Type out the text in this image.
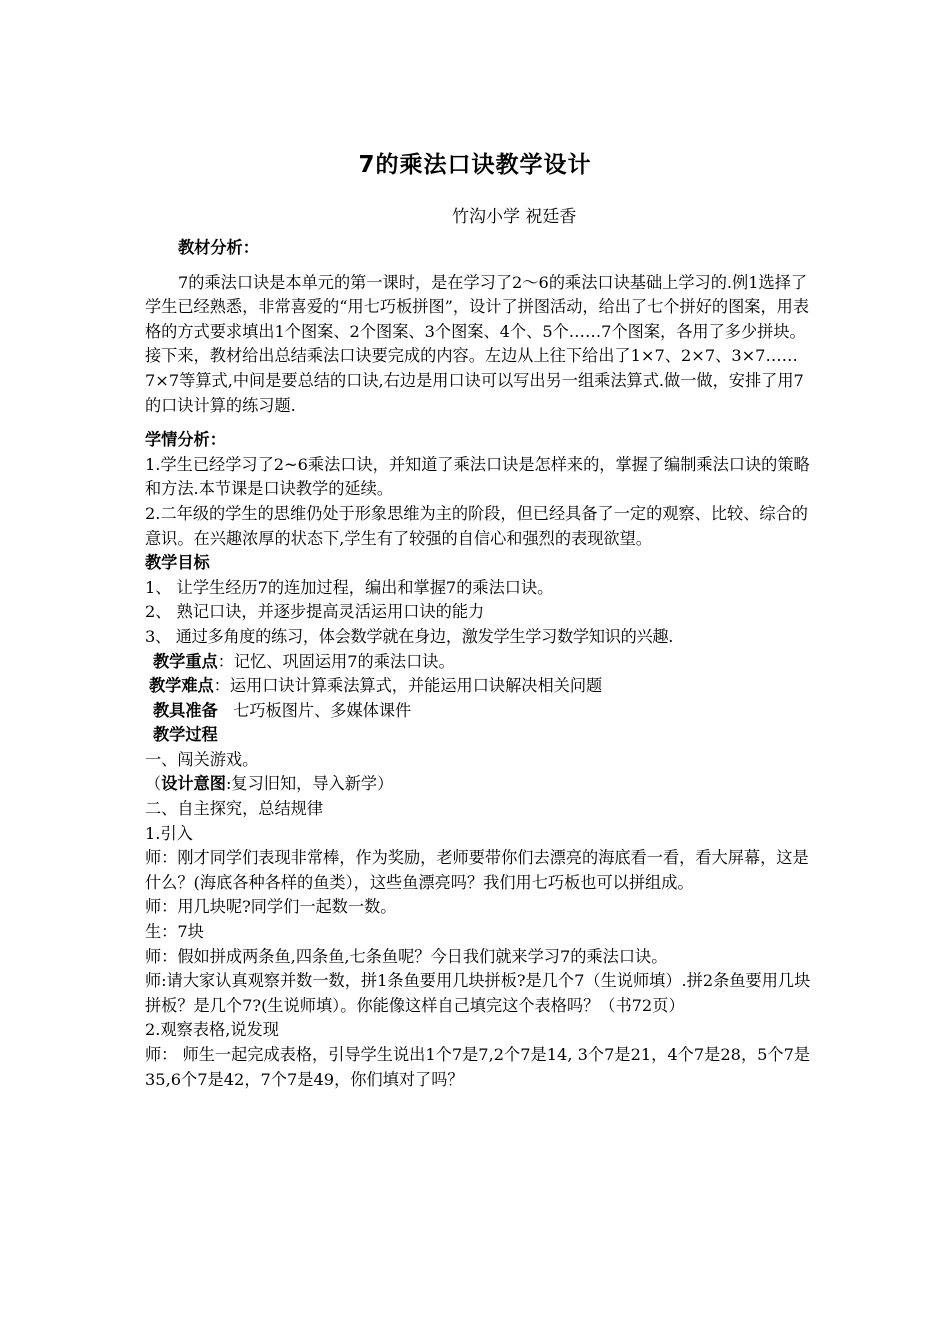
7的乘法口诀教学设计
竹沟小学 祝廷香

教材分析：

7的乘法口诀是本单元的第一课时，是在学习了2～6的乘法口诀基础上学习的.例1选择了学生已经熟悉，非常喜爱的“用七巧板拼图”，设计了拼图活动，给出了七个拼好的图案，用表格的方式要求填出1个图案、2个图案、3个图案、4个、5个……7个图案，各用了多少拼块。接下来，教材给出总结乘法口诀要完成的内容。左边从上往下给出了1×7、2×7、3×7……7×7等算式,中间是要总结的口诀,右边是用口诀可以写出另一组乘法算式.做一做，安排了用7的口诀计算的练习题.

学情分析：

1.学生已经学习了2~6乘法口诀，并知道了乘法口诀是怎样来的，掌握了编制乘法口诀的策略和方法.本节课是口诀教学的延续。

2.二年级的学生的思维仍处于形象思维为主的阶段，但已经具备了一定的观察、比较、综合的意识。在兴趣浓厚的状态下,学生有了较强的自信心和强烈的表现欲望。

教学目标

1、 让学生经历7的连加过程，编出和掌握7的乘法口诀。

2、 熟记口诀，并逐步提高灵活运用口诀的能力

3、 通过多角度的练习，体会数学就在身边，激发学生学习数学知识的兴趣.

教学重点：记忆、巩固运用7的乘法口诀。

教学难点：运用口诀计算乘法算式，并能运用口诀解决相关问题

教具准备   七巧板图片、多媒体课件

教学过程

一、闯关游戏。

（设计意图:复习旧知，导入新学）

二、自主探究，总结规律

1.引入

师：刚才同学们表现非常棒，作为奖励，老师要带你们去漂亮的海底看一看，看大屏幕，这是什么？(海底各种各样的鱼类），这些鱼漂亮吗？我们用七巧板也可以拼组成。

师：用几块呢?同学们一起数一数。

生：7块

师：假如拼成两条鱼,四条鱼,七条鱼呢？今日我们就来学习7的乘法口诀。

师:请大家认真观察并数一数，拼1条鱼要用几块拼板?是几个7（生说师填）.拼2条鱼要用几块拼板？是几个7?(生说师填）。你能像这样自己填完这个表格吗？（书72页）

2.观察表格,说发现

师： 师生一起完成表格，引导学生说出1个7是7,2个7是14, 3个7是21，4个7是28，5个7是35,6个7是42，7个7是49，你们填对了吗？
